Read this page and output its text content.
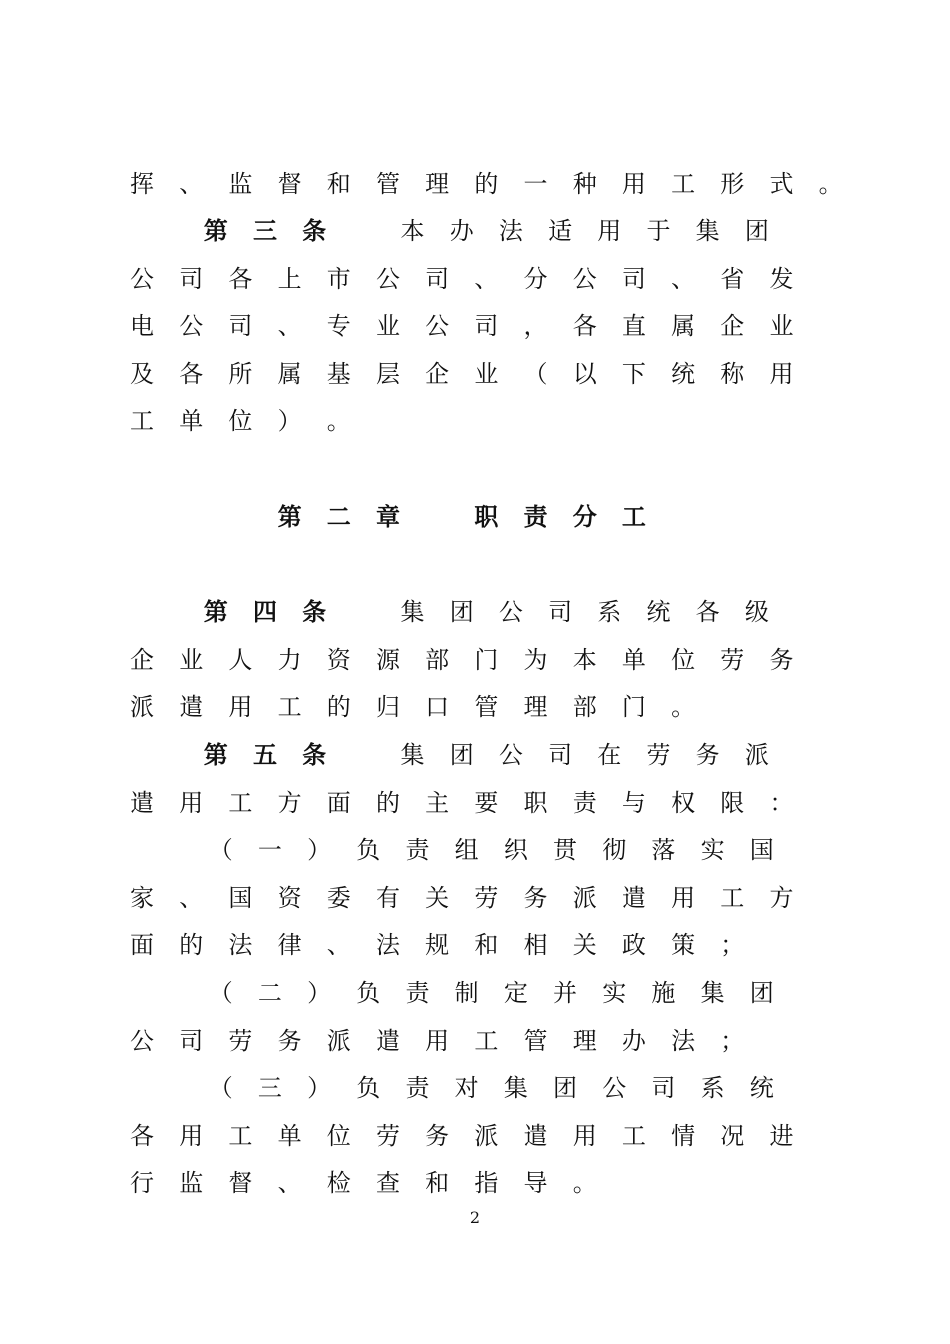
挥 、 监 督 和 管 理 的 一 种 用 工 形 式 。
第 三 条　	本 办 法 适 用 于 集 团
公 司 各 上 市 公 司 、 分 公 司 、 省 发
电 公 司 、 专 业 公 司 ， 各 直 属 企 业
及 各 所 属 基 层 企 业 （ 以 下 统 称 用
工 单 位 ） 。
第 二 章　	职 责 分 工
第 四 条　	集 团 公 司 系 统 各 级
企 业 人 力 资 源 部 门 为 本 单 位 劳 务
派 遣 用 工 的 归 口 管 理 部 门 。
第 五 条　	集 团 公 司 在 劳 务 派
遣 用 工 方 面 的 主 要 职 责 与 权 限 ：
（ 一 ） 负 责 组 织 贯 彻 落 实 国
家 、 国 资 委 有 关 劳 务 派 遣 用 工 方
面 的 法 律 、 法 规 和 相 关 政 策 ；
（ 二 ） 负 责 制 定 并 实 施 集 团
公 司 劳 务 派 遣 用 工 管 理 办 法 ；
（ 三 ） 负 责 对 集 团 公 司 系 统
各 用 工 单 位 劳 务 派 遣 用 工 情 况 进
行 监 督 、 检 查 和 指 导 。
2
